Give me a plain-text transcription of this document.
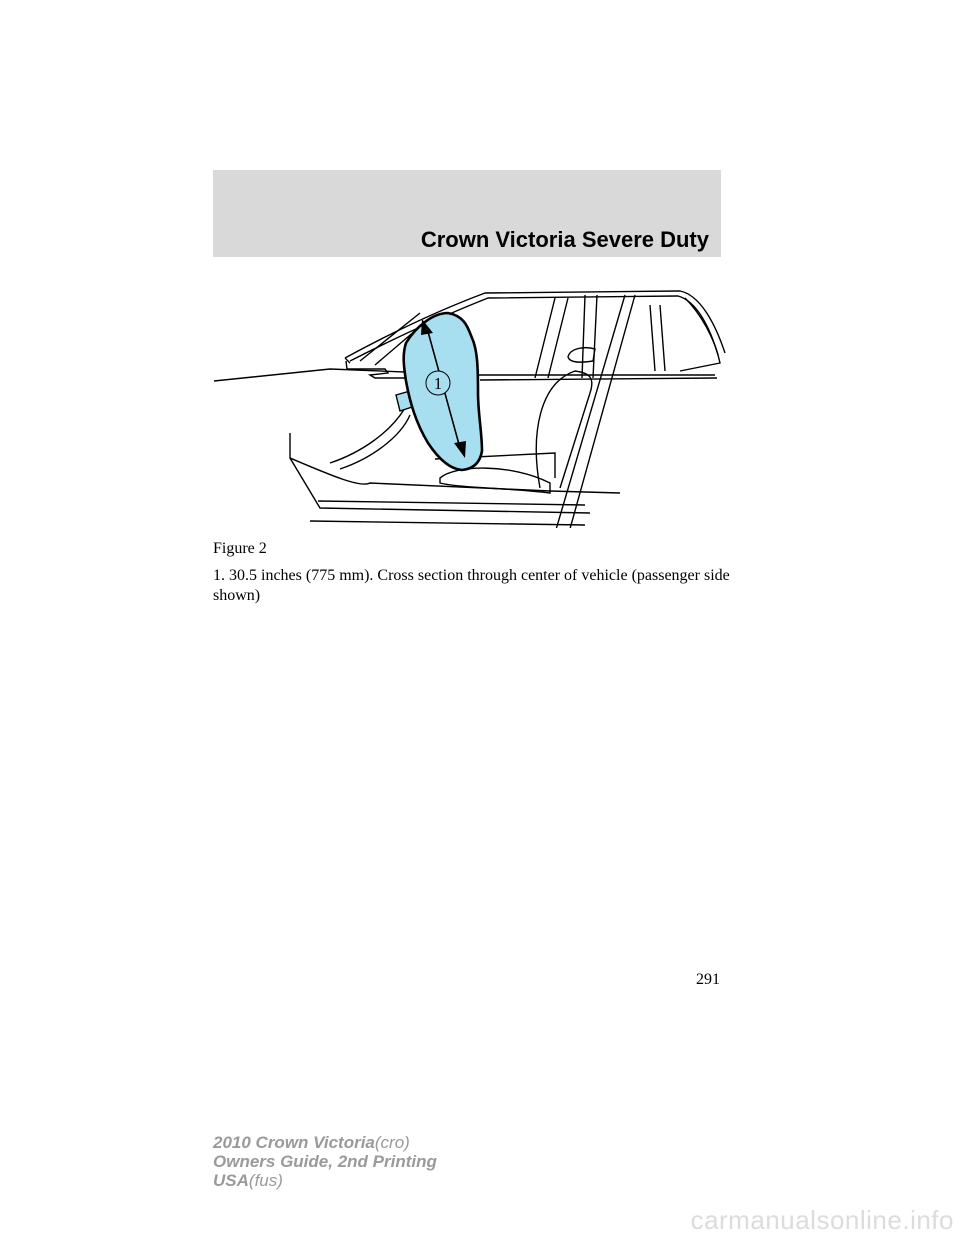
Crown Victoria Severe Duty
1
Figure 2
1. 30.5 inches (775 mm). Cross section through center of vehicle (passenger side shown)
291
2010 Crown Victoria(cro)
Owners Guide, 2nd Printing
USA(fus)
carmanualsonline.info
